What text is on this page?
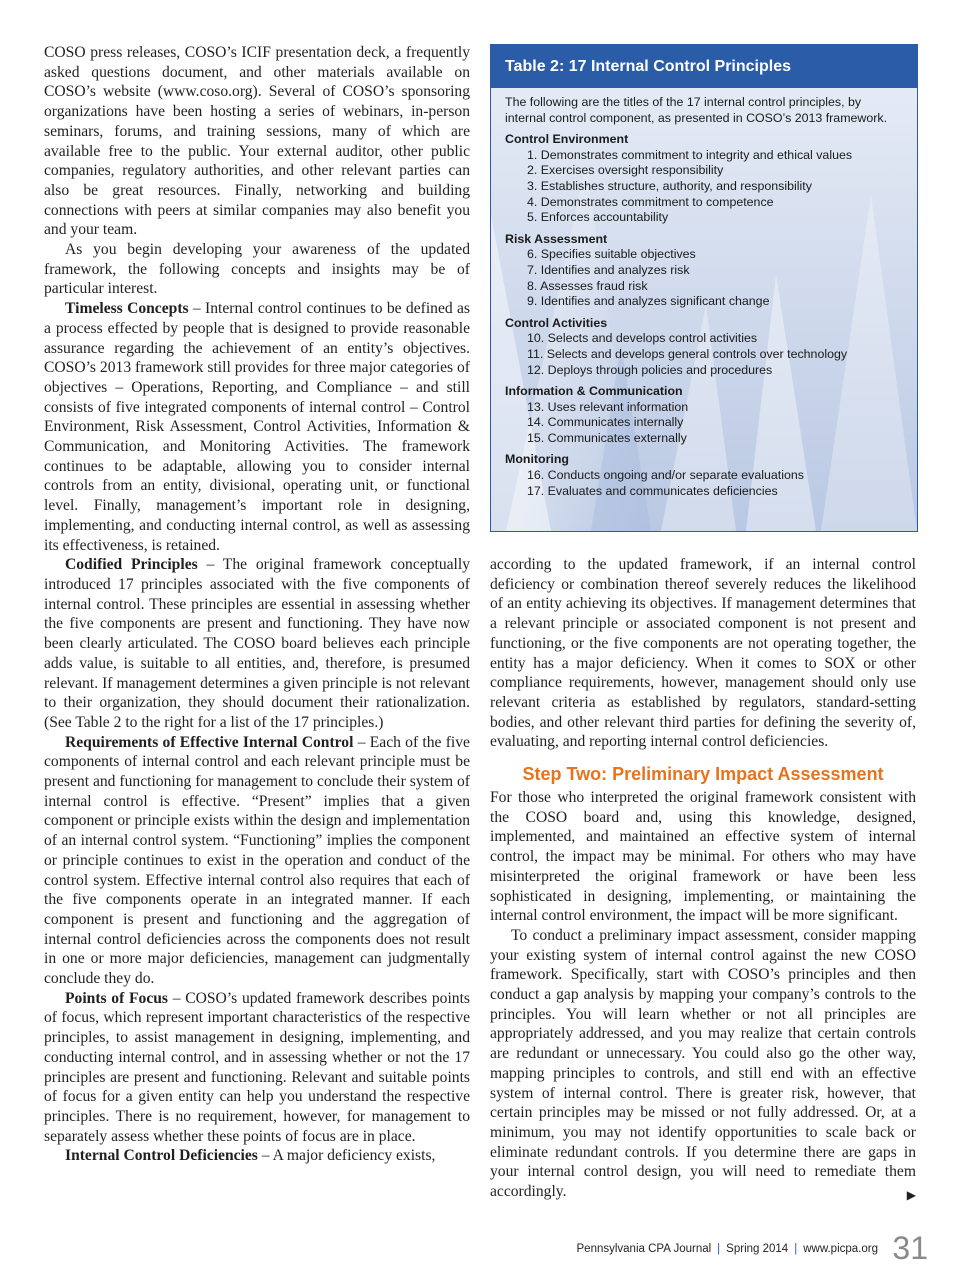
COSO press releases, COSO’s ICIF presentation deck, a frequently asked questions document, and other materials available on COSO’s website (www.coso.org). Several of COSO’s sponsoring organizations have been hosting a series of webinars, in-person seminars, forums, and training sessions, many of which are available free to the public. Your external auditor, other public companies, regulatory authorities, and other relevant parties can also be great resources. Finally, networking and building connections with peers at similar companies may also benefit you and your team.

As you begin developing your awareness of the updated framework, the following concepts and insights may be of particular interest.

Timeless Concepts – Internal control continues to be defined as a process effected by people that is designed to provide reasonable assurance regarding the achievement of an entity’s objectives. COSO’s 2013 framework still provides for three major categories of objectives – Operations, Reporting, and Compliance – and still consists of five integrated components of internal control – Control Environment, Risk Assessment, Control Activities, Information & Communication, and Monitoring Activities. The framework continues to be adaptable, allowing you to consider internal controls from an entity, divisional, operating unit, or functional level. Finally, management’s important role in designing, implementing, and conducting internal control, as well as assessing its effectiveness, is retained.

Codified Principles – The original framework conceptually introduced 17 principles associated with the five components of internal control. These principles are essential in assessing whether the five components are present and functioning. They have now been clearly articulated. The COSO board believes each principle adds value, is suitable to all entities, and, therefore, is presumed relevant. If management determines a given principle is not relevant to their organization, they should document their rationalization. (See Table 2 to the right for a list of the 17 principles.)

Requirements of Effective Internal Control – Each of the five components of internal control and each relevant principle must be present and functioning for management to conclude their system of internal control is effective. “Present” implies that a given component or principle exists within the design and implementation of an internal control system. “Functioning” implies the component or principle continues to exist in the operation and conduct of the control system. Effective internal control also requires that each of the five components operate in an integrated manner. If each component is present and functioning and the aggregation of internal control deficiencies across the components does not result in one or more major deficiencies, management can judgmentally conclude they do.

Points of Focus – COSO’s updated framework describes points of focus, which represent important characteristics of the respective principles, to assist management in designing, implementing, and conducting internal control, and in assessing whether or not the 17 principles are present and functioning. Relevant and suitable points of focus for a given entity can help you understand the respective principles. There is no requirement, however, for management to separately assess whether these points of focus are in place.

Internal Control Deficiencies – A major deficiency exists,

Table 2: 17 Internal Control Principles

The following are the titles of the 17 internal control principles, by internal control component, as presented in COSO’s 2013 framework.

Control Environment
1. Demonstrates commitment to integrity and ethical values
2. Exercises oversight responsibility
3. Establishes structure, authority, and responsibility
4. Demonstrates commitment to competence
5. Enforces accountability
Risk Assessment
6. Specifies suitable objectives
7. Identifies and analyzes risk
8. Assesses fraud risk
9. Identifies and analyzes significant change
Control Activities
10. Selects and develops control activities
11. Selects and develops general controls over technology
12. Deploys through policies and procedures
Information & Communication
13. Uses relevant information
14. Communicates internally
15. Communicates externally
Monitoring
16. Conducts ongoing and/or separate evaluations
17. Evaluates and communicates deficiencies

according to the updated framework, if an internal control deficiency or combination thereof severely reduces the likelihood of an entity achieving its objectives. If management determines that a relevant principle or associated component is not present and functioning, or the five components are not operating together, the entity has a major deficiency. When it comes to SOX or other compliance requirements, however, management should only use relevant criteria as established by regulators, standard-setting bodies, and other relevant third parties for defining the severity of, evaluating, and reporting internal control deficiencies.

Step Two: Preliminary Impact Assessment

For those who interpreted the original framework consistent with the COSO board and, using this knowledge, designed, implemented, and maintained an effective system of internal control, the impact may be minimal. For others who may have misinterpreted the original framework or have been less sophisticated in designing, implementing, or maintaining the internal control environment, the impact will be more significant.

To conduct a preliminary impact assessment, consider mapping your existing system of internal control against the new COSO framework. Specifically, start with COSO’s principles and then conduct a gap analysis by mapping your company’s controls to the principles. You will learn whether or not all principles are appropriately addressed, and you may realize that certain controls are redundant or unnecessary. You could also go the other way, mapping principles to controls, and still end with an effective system of internal control. There is greater risk, however, that certain principles may be missed or not fully addressed. Or, at a minimum, you may not identify opportunities to scale back or eliminate redundant controls. If you determine there are gaps in your internal control design, you will need to remediate them accordingly.	▶

Pennsylvania CPA Journal | Spring 2014 | www.picpa.org 31
